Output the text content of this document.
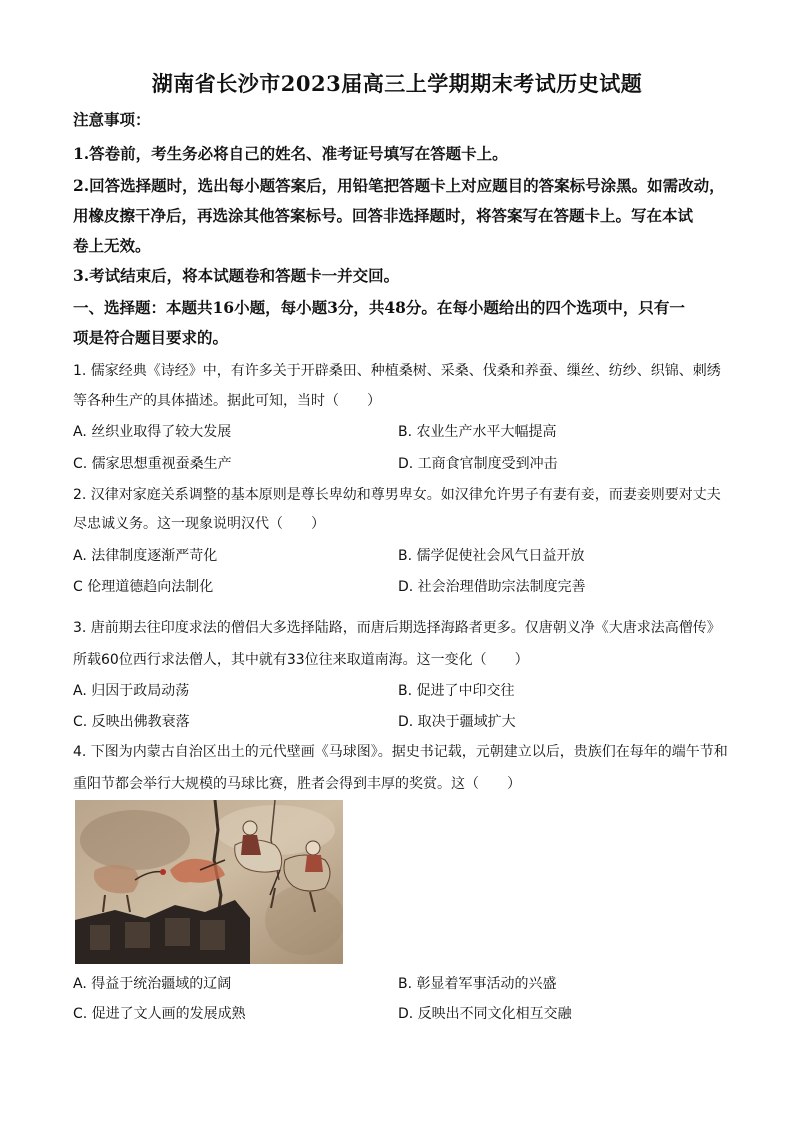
湖南省长沙市2023届高三上学期期末考试历史试题
注意事项：
1.答卷前，考生务必将自己的姓名、准考证号填写在答题卡上。
2.回答选择题时，选出每小题答案后，用铅笔把答题卡上对应题目的答案标号涂黑。如需改动，
用橡皮擦干净后，再选涂其他答案标号。回答非选择题时，将答案写在答题卡上。写在本试
卷上无效。
3.考试结束后，将本试题卷和答题卡一并交回。
一、选择题：本题共16小题，每小题3分，共48分。在每小题给出的四个选项中，只有一
项是符合题目要求的。
1. 儒家经典《诗经》中，有许多关于开辟桑田、种植桑树、采桑、伐桑和养蚕、缫丝、纺纱、织锦、刺绣
等各种生产的具体描述。据此可知，当时（　　）
A. 丝织业取得了较大发展	B. 农业生产水平大幅提高
C. 儒家思想重视蚕桑生产	D. 工商食官制度受到冲击
2. 汉律对家庭关系调整的基本原则是尊长卑幼和尊男卑女。如汉律允许男子有妻有妾，而妻妾则要对丈夫
尽忠诚义务。这一现象说明汉代（　　）
A. 法律制度逐渐严苛化	B. 儒学促使社会风气日益开放
C 伦理道德趋向法制化	D. 社会治理借助宗法制度完善
3. 唐前期去往印度求法的僧侣大多选择陆路，而唐后期选择海路者更多。仅唐朝义净《大唐求法高僧传》
所载60位西行求法僧人，其中就有33位往来取道南海。这一变化（　　）
A. 归因于政局动荡	B. 促进了中印交往
C. 反映出佛教衰落	D. 取决于疆域扩大
4. 下图为内蒙古自治区出土的元代壁画《马球图》。据史书记载，元朝建立以后，贵族们在每年的端午节和
重阳节都会举行大规模的马球比赛，胜者会得到丰厚的奖赏。这（　　）
A. 得益于统治疆域的辽阔	B. 彰显着军事活动的兴盛
C. 促进了文人画的发展成熟	D. 反映出不同文化相互交融
